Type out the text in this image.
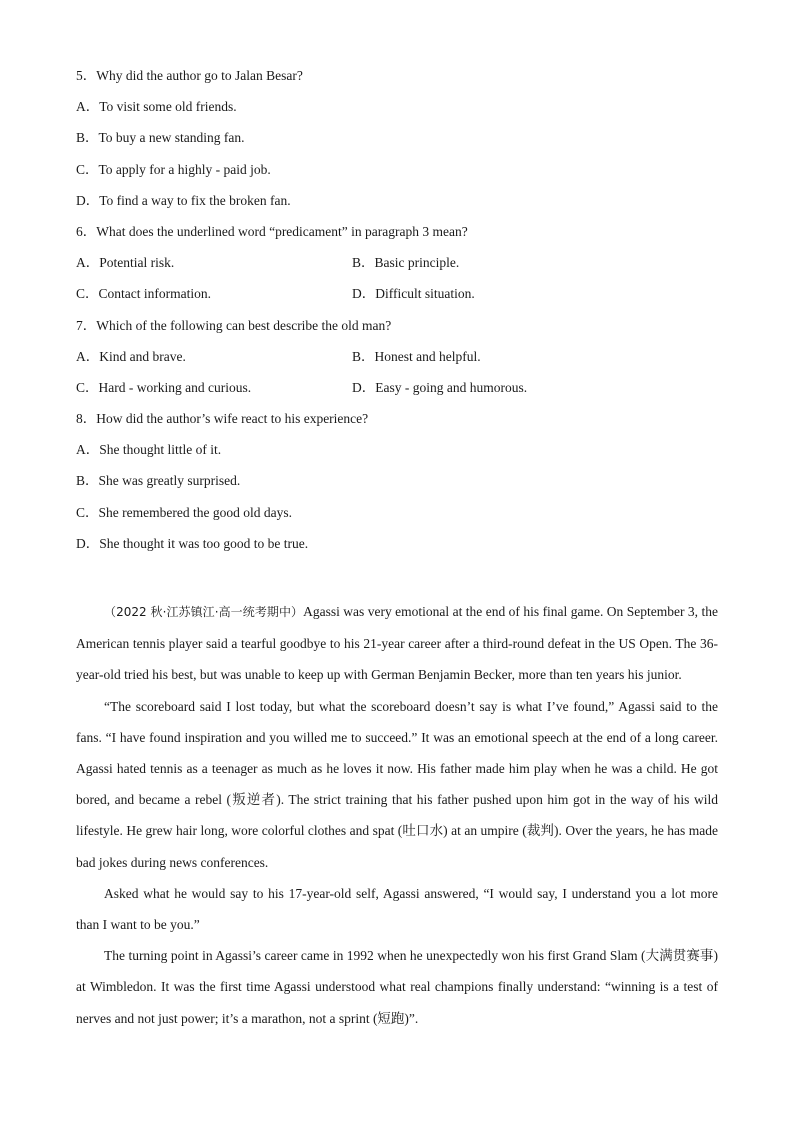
5．Why did the author go to Jalan Besar?
A．To visit some old friends.
B．To buy a new standing fan.
C．To apply for a highly - paid job.
D．To find a way to fix the broken fan.
6．What does the underlined word “predicament” in paragraph 3 mean?
A．Potential risk.	B．Basic principle.
C．Contact information.	D．Difficult situation.
7．Which of the following can best describe the old man?
A．Kind and brave.	B．Honest and helpful.
C．Hard - working and curious.	D．Easy - going and humorous.
8．How did the author’s wife react to his experience?
A．She thought little of it.
B．She was greatly surprised.
C．She remembered the good old days.
D．She thought it was too good to be true.

（2022 秋·江苏镇江·高一统考期中）Agassi was very emotional at the end of his final game. On September 3, the American tennis player said a tearful goodbye to his 21-year career after a third-round defeat in the US Open. The 36-year-old tried his best, but was unable to keep up with German Benjamin Becker, more than ten years his junior.

“The scoreboard said I lost today, but what the scoreboard doesn’t say is what I’ve found,” Agassi said to the fans. “I have found inspiration and you willed me to succeed.” It was an emotional speech at the end of a long career. Agassi hated tennis as a teenager as much as he loves it now. His father made him play when he was a child. He got bored, and became a rebel (叛逆者). The strict training that his father pushed upon him got in the way of his wild lifestyle. He grew hair long, wore colorful clothes and spat (吐口水) at an umpire (裁判). Over the years, he has made bad jokes during news conferences.

Asked what he would say to his 17-year-old self, Agassi answered, “I would say, I understand you a lot more than I want to be you.”

The turning point in Agassi’s career came in 1992 when he unexpectedly won his first Grand Slam (大满贯赛事) at Wimbledon. It was the first time Agassi understood what real champions finally understand: “winning is a test of nerves and not just power; it’s a marathon, not a sprint (短跑)”.
